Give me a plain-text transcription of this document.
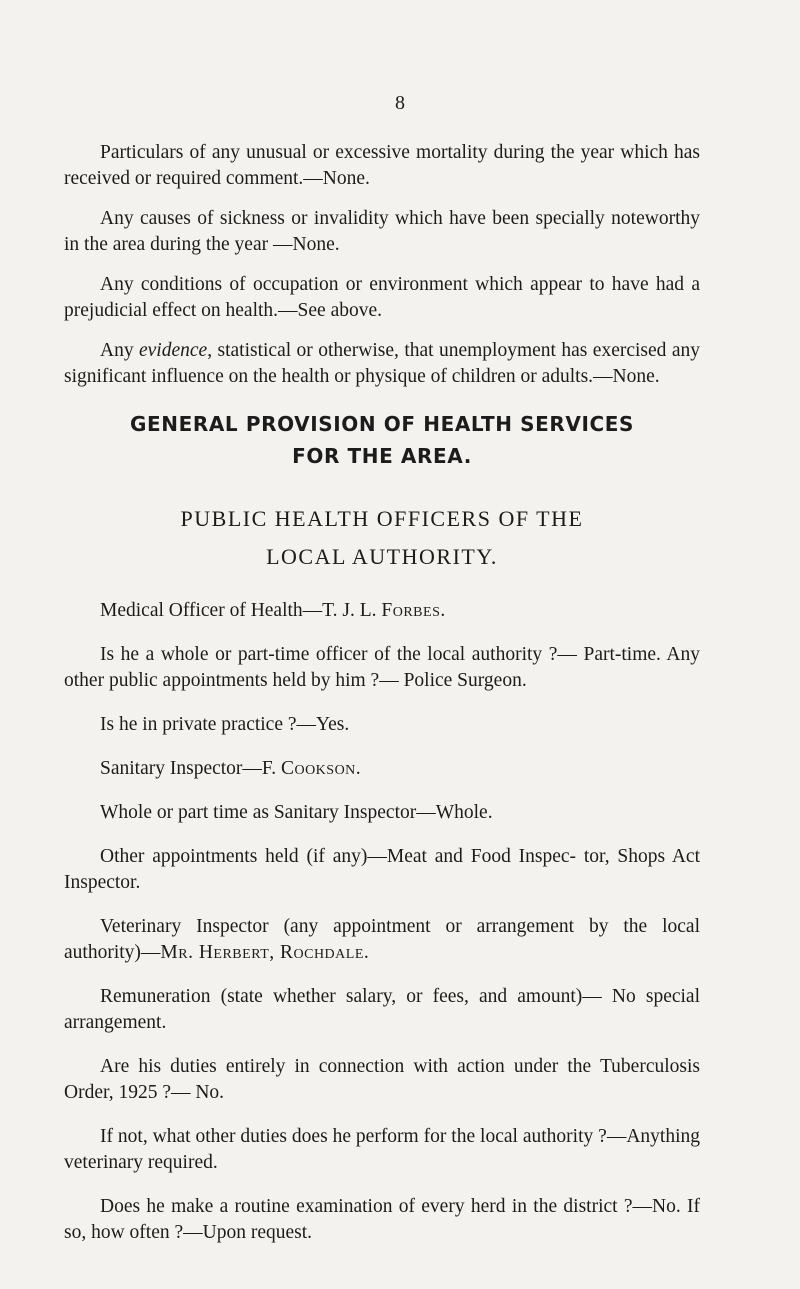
8

Particulars of any unusual or excessive mortality during the year which has received or required comment.—None.

Any causes of sickness or invalidity which have been specially noteworthy in the area during the year —None.

Any conditions of occupation or environment which appear to have had a prejudicial effect on health.—See above.

Any evidence, statistical or otherwise, that unemployment has exercised any significant influence on the health or physique of children or adults.—None.

GENERAL PROVISION OF HEALTH SERVICES
FOR THE AREA.
PUBLIC HEALTH OFFICERS OF THE
LOCAL AUTHORITY.

Medical Officer of Health—T. J. L. Forbes.

Is he a whole or part-time officer of the local authority ?— Part-time. Any other public appointments held by him ?— Police Surgeon.

Is he in private practice ?—Yes.

Sanitary Inspector—F. Cookson.

Whole or part time as Sanitary Inspector—Whole.

Other appointments held (if any)—Meat and Food Inspec- tor, Shops Act Inspector.

Veterinary Inspector (any appointment or arrangement by the local authority)—Mr. Herbert, Rochdale.

Remuneration (state whether salary, or fees, and amount)— No special arrangement.

Are his duties entirely in connection with action under the Tuberculosis Order, 1925 ?— No.

If not, what other duties does he perform for the local authority ?—Anything veterinary required.

Does he make a routine examination of every herd in the district ?—No. If so, how often ?—Upon request.
